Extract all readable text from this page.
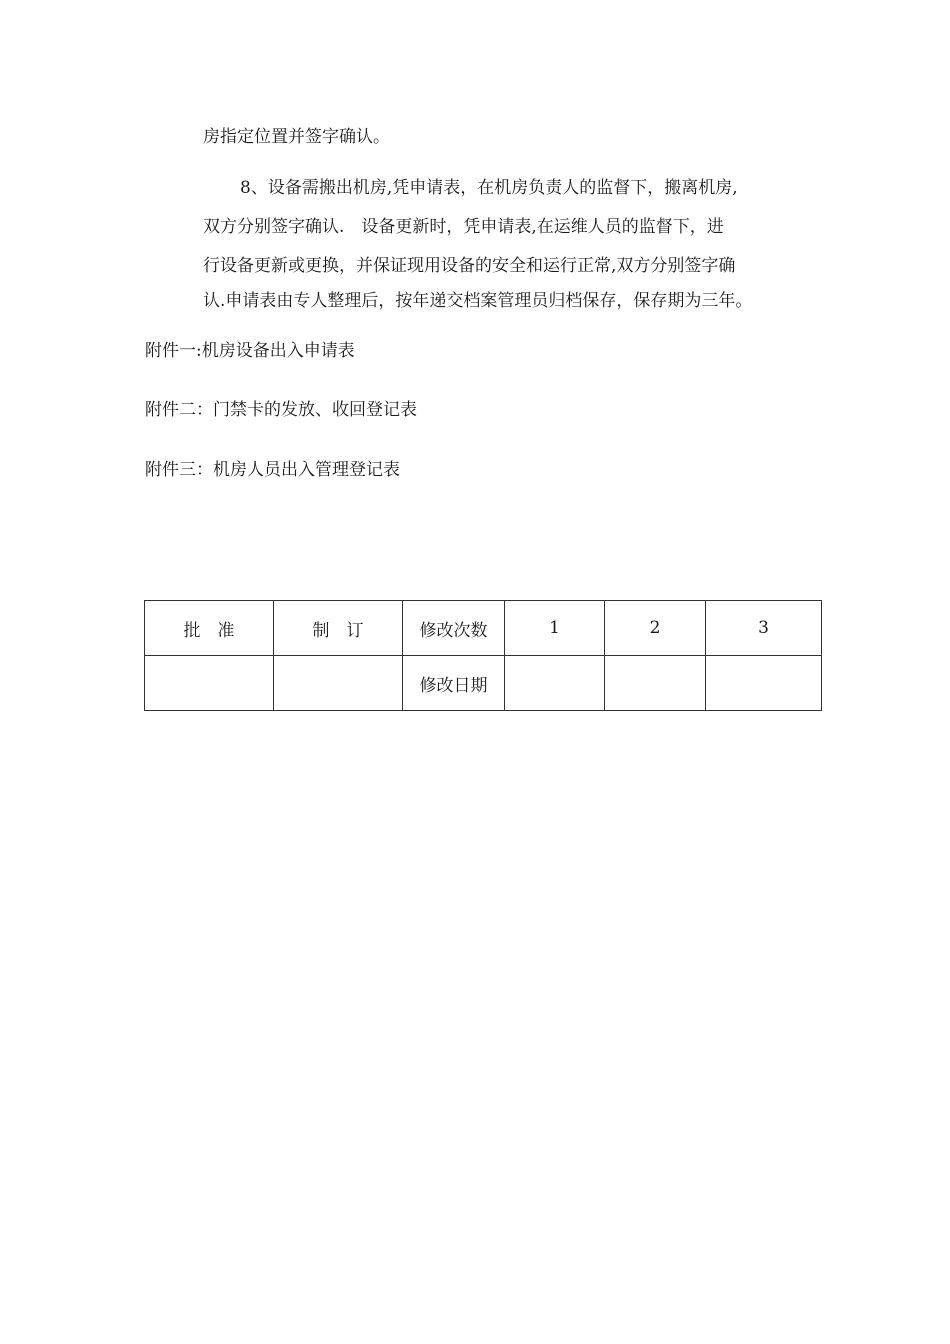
房指定位置并签字确认。
8、设备需搬出机房,凭申请表，在机房负责人的监督下，搬离机房,
双方分别签字确认.　设备更新时，凭申请表,在运维人员的监督下，进
行设备更新或更换，并保证现用设备的安全和运行正常,双方分别签字确
认.申请表由专人整理后，按年递交档案管理员归档保存，保存期为三年。
附件一:机房设备出入申请表
附件二：门禁卡的发放、收回登记表
附件三：机房人员出入管理登记表
批　准	制　订	修改次数	1	2	3
		修改日期			
